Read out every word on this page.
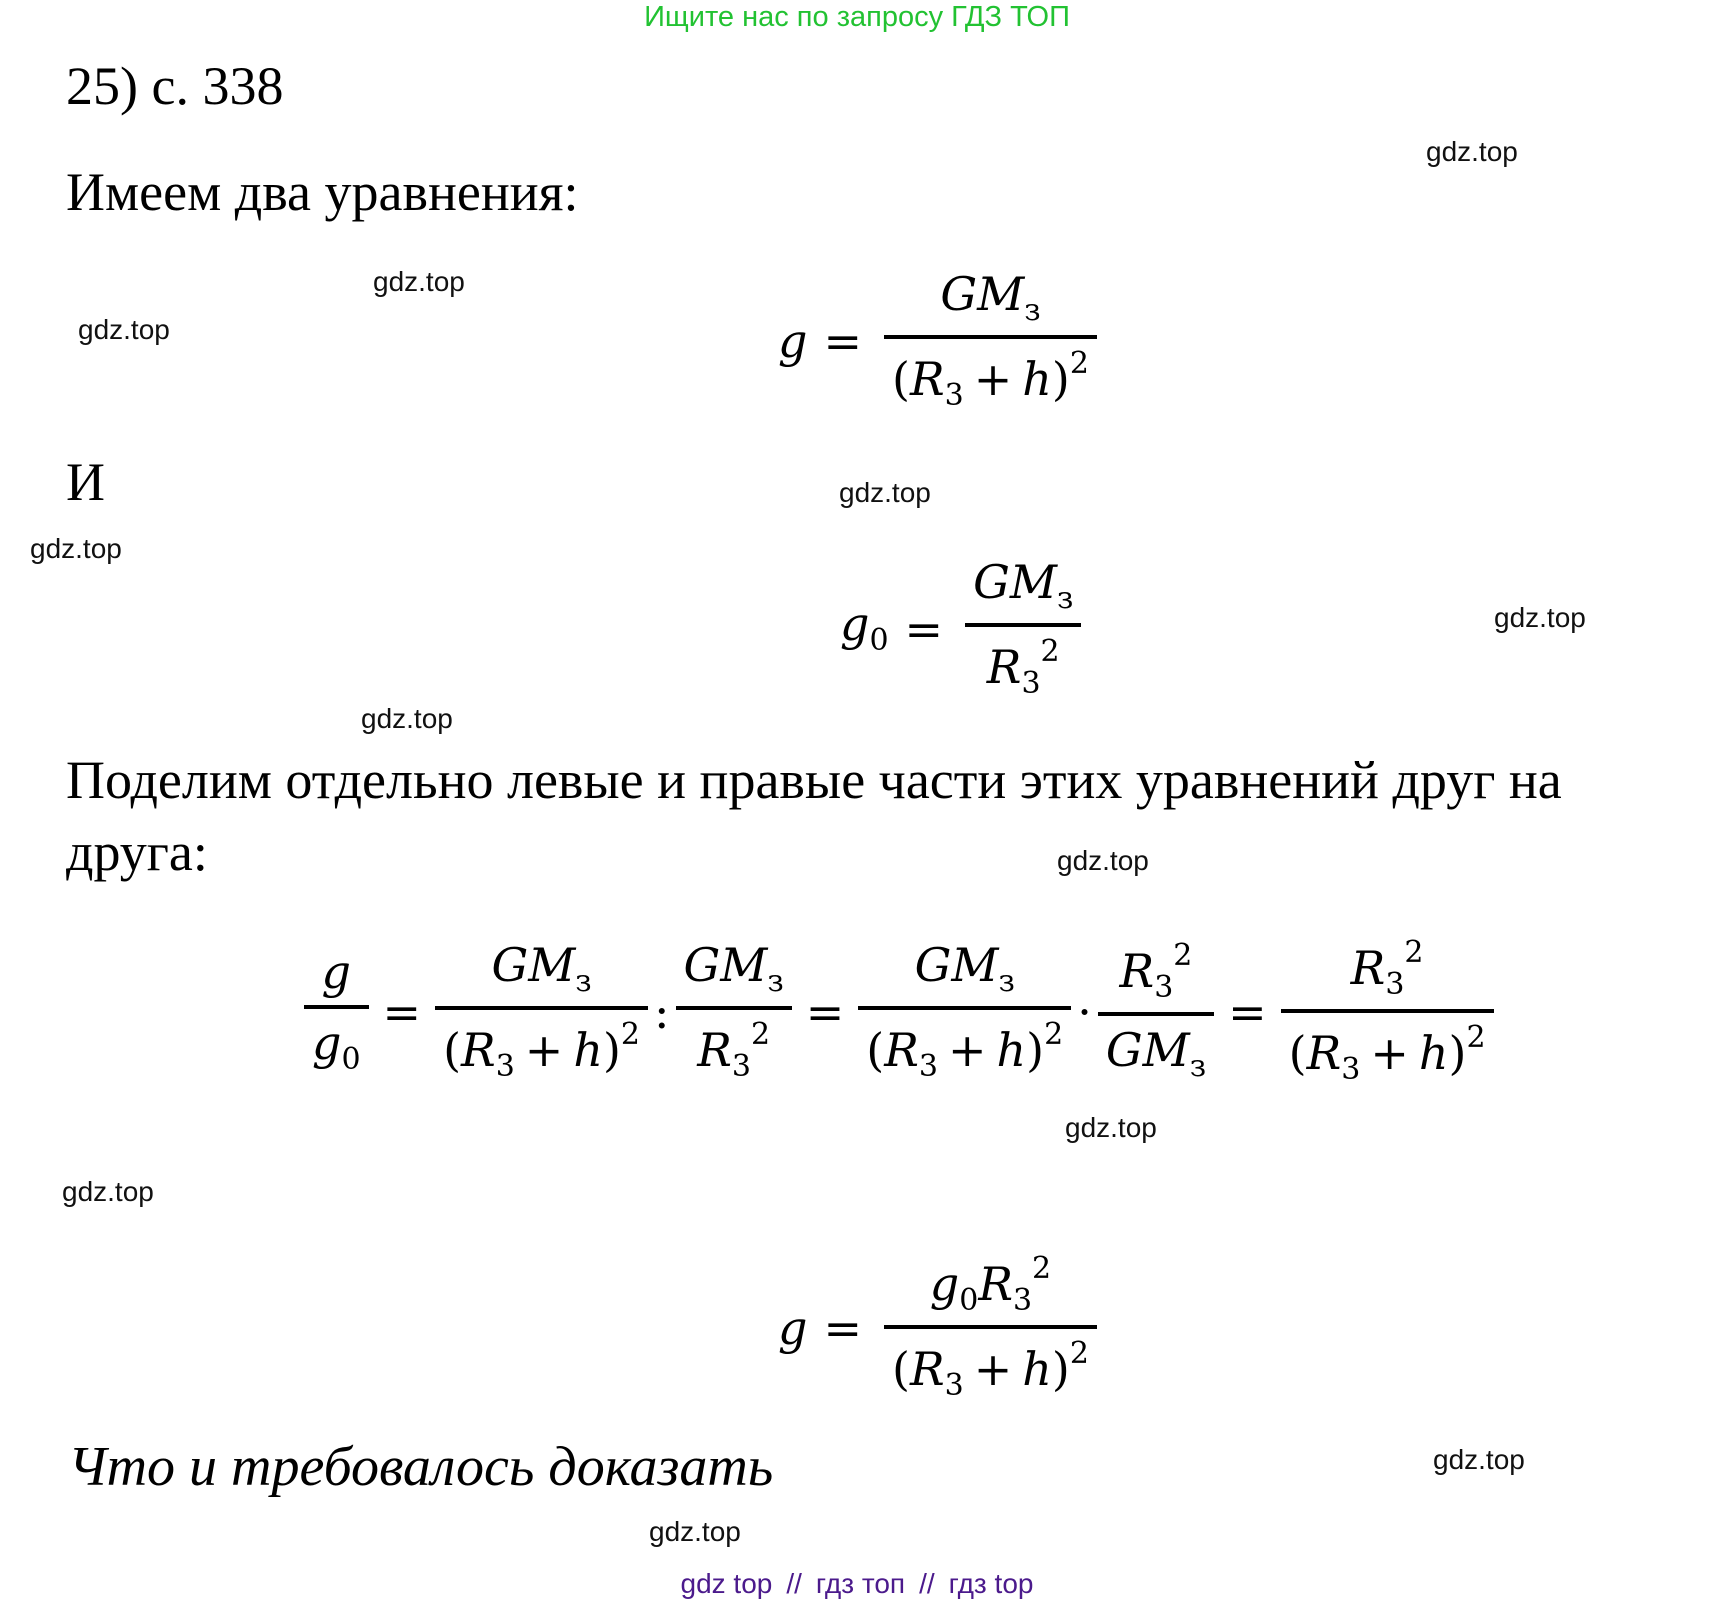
Ищите нас по запросу ГДЗ ТОП
25) с. 338
Имеем два уравнения:
$g = \frac{GM_з}{(R_3 + h)^2}$
И
$g_0 = \frac{GM_з}{R_3^2}$
Поделим отдельно левые и правые части этих уравнений друг на
друга:
$\frac{g}{g_0} = \frac{GM_з}{(R_3 + h)^2}$ : $\frac{GM_з}{R_3^2} = \frac{GM_з}{(R_3 + h)^2} \cdot \frac{R_3^2}{GM_з} = \frac{R_3^2}{(R_3 + h)^2}$
$g = \frac{g_0R_3^2}{(R_3 + h)^2}$
Что и требовалось доказать
gdz.top
gdz.top
gdz.top
gdz.top
gdz.top
gdz.top
gdz.top
gdz.top
gdz.top
gdz.top
gdz.top
gdz.top
gdz top // гдз топ // гдз top
